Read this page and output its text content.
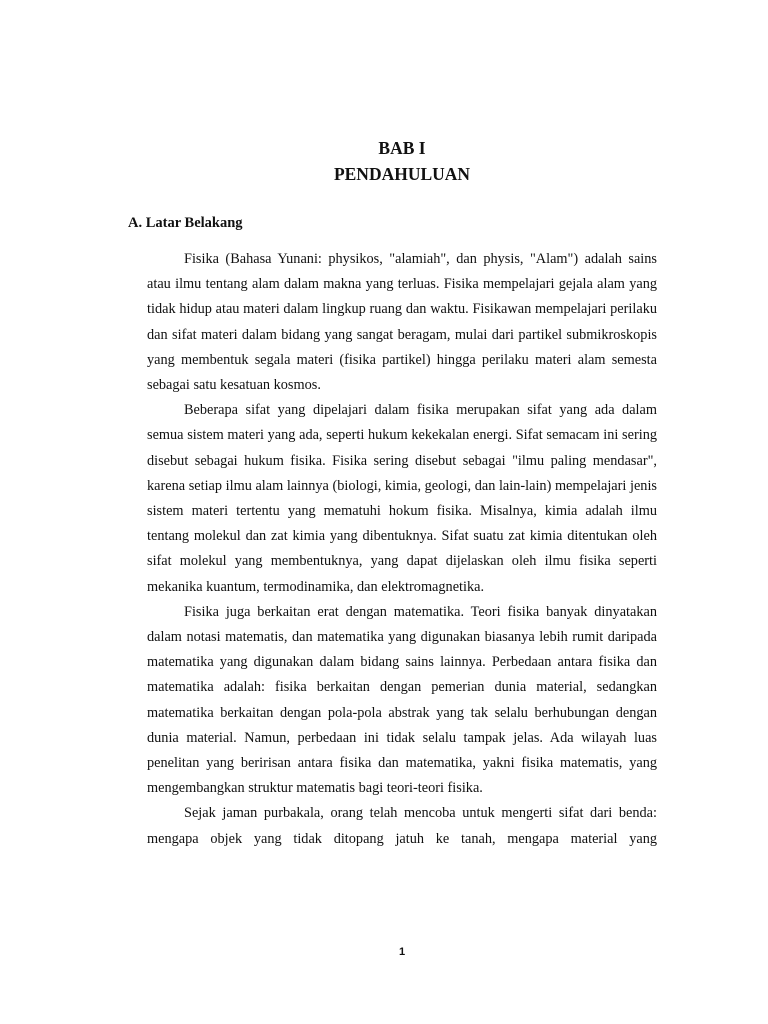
BAB I
PENDAHULUAN
A. Latar Belakang

Fisika (Bahasa Yunani: physikos, "alamiah", dan physis, "Alam") adalah sains atau ilmu tentang alam dalam makna yang terluas. Fisika mempelajari gejala alam yang tidak hidup atau materi dalam lingkup ruang dan waktu. Fisikawan mempelajari perilaku dan sifat materi dalam bidang yang sangat beragam, mulai dari partikel submikroskopis yang membentuk segala materi (fisika partikel) hingga perilaku materi alam semesta sebagai satu kesatuan kosmos.

Beberapa sifat yang dipelajari dalam fisika merupakan sifat yang ada dalam semua sistem materi yang ada, seperti hukum kekekalan energi. Sifat semacam ini sering disebut sebagai hukum fisika. Fisika sering disebut sebagai "ilmu paling mendasar", karena setiap ilmu alam lainnya (biologi, kimia, geologi, dan lain-lain) mempelajari jenis sistem materi tertentu yang mematuhi hokum fisika. Misalnya, kimia adalah ilmu tentang molekul dan zat kimia yang dibentuknya. Sifat suatu zat kimia ditentukan oleh sifat molekul yang membentuknya, yang dapat dijelaskan oleh ilmu fisika seperti mekanika kuantum, termodinamika, dan elektromagnetika.

Fisika juga berkaitan erat dengan matematika. Teori fisika banyak dinyatakan dalam notasi matematis, dan matematika yang digunakan biasanya lebih rumit daripada matematika yang digunakan dalam bidang sains lainnya. Perbedaan antara fisika dan matematika adalah: fisika berkaitan dengan pemerian dunia material, sedangkan matematika berkaitan dengan pola-pola abstrak yang tak selalu berhubungan dengan dunia material. Namun, perbedaan ini tidak selalu tampak jelas. Ada wilayah luas penelitan yang beririsan antara fisika dan matematika, yakni fisika matematis, yang mengembangkan struktur matematis bagi teori-teori fisika.

Sejak jaman purbakala, orang telah mencoba untuk mengerti sifat dari benda: mengapa objek yang tidak ditopang jatuh ke tanah, mengapa material yang

1
